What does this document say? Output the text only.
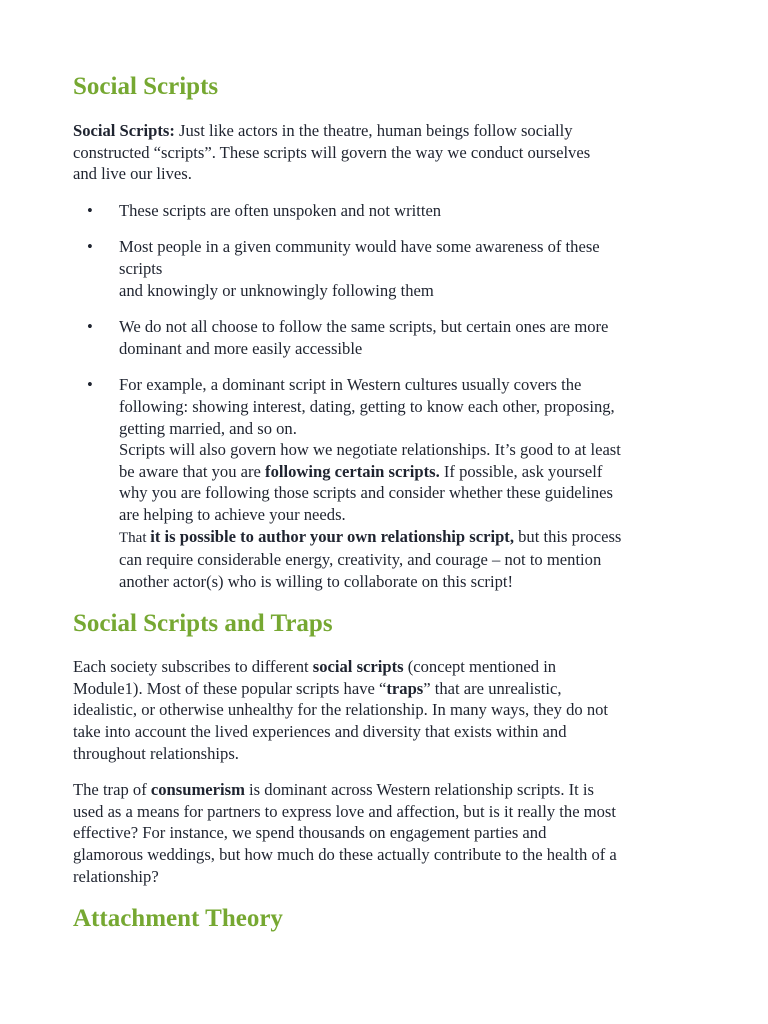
Social Scripts

Social Scripts: Just like actors in the theatre, human beings follow socially
constructed “scripts”. These scripts will govern the way we conduct ourselves
and live our lives.

• These scripts are often unspoken and not written
• Most people in a given community would have some awareness of these
scripts
and knowingly or unknowingly following them
• We do not all choose to follow the same scripts, but certain ones are more
dominant and more easily accessible
• For example, a dominant script in Western cultures usually covers the
following: showing interest, dating, getting to know each other, proposing,
getting married, and so on.
Scripts will also govern how we negotiate relationships. It’s good to at least
be aware that you are following certain scripts. If possible, ask yourself
why you are following those scripts and consider whether these guidelines
are helping to achieve your needs.
That it is possible to author your own relationship script, but this process
can require considerable energy, creativity, and courage – not to mention
another actor(s) who is willing to collaborate on this script!
Social Scripts and Traps

Each society subscribes to different social scripts (concept mentioned in
Module1). Most of these popular scripts have “traps” that are unrealistic,
idealistic, or otherwise unhealthy for the relationship. In many ways, they do not
take into account the lived experiences and diversity that exists within and
throughout relationships.

The trap of consumerism is dominant across Western relationship scripts. It is
used as a means for partners to express love and affection, but is it really the most
effective? For instance, we spend thousands on engagement parties and
glamorous weddings, but how much do these actually contribute to the health of a
relationship?

Attachment Theory
